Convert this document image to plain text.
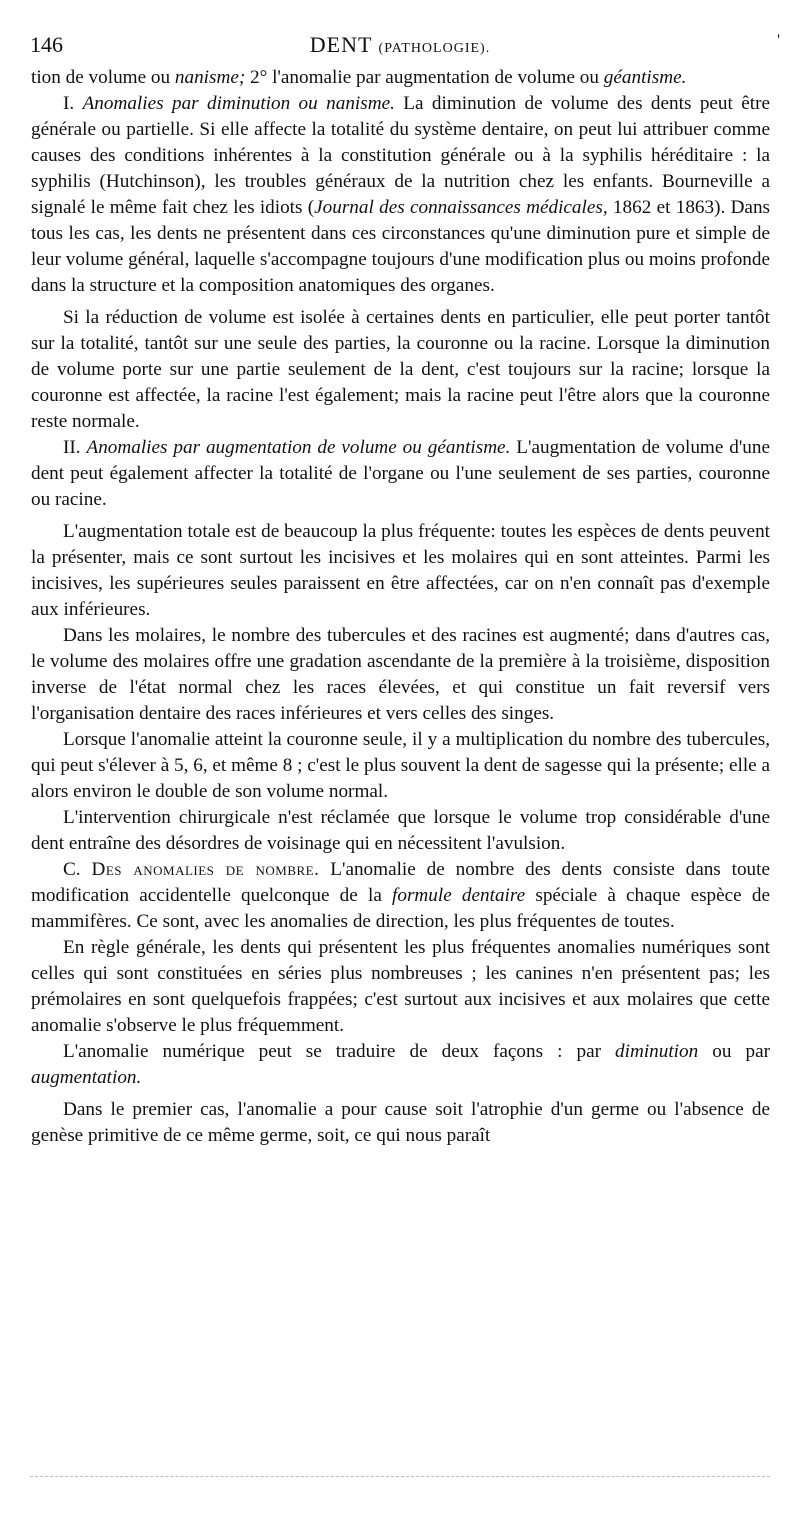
146	DENT (PATHOLOGIE).	'

tion de volume ou nanisme; 2° l'anomalie par augmentation de volume ou géantisme.

I. Anomalies par diminution ou nanisme. La diminution de volume des dents peut être générale ou partielle. Si elle affecte la totalité du système dentaire, on peut lui attribuer comme causes des conditions inhérentes à la constitution générale ou à la syphilis héréditaire : la syphilis (Hutchinson), les troubles généraux de la nutrition chez les enfants. Bourneville a signalé le même fait chez les idiots (Journal des connaissances médicales, 1862 et 1863). Dans tous les cas, les dents ne présentent dans ces circonstances qu'une diminution pure et simple de leur volume général, laquelle s'accompagne toujours d'une modification plus ou moins profonde dans la structure et la composition anatomiques des organes.

Si la réduction de volume est isolée à certaines dents en particulier, elle peut porter tantôt sur la totalité, tantôt sur une seule des parties, la couronne ou la racine. Lorsque la diminution de volume porte sur une partie seulement de la dent, c'est toujours sur la racine; lorsque la couronne est affectée, la racine l'est également; mais la racine peut l'être alors que la couronne reste normale.

II. Anomalies par augmentation de volume ou géantisme. L'augmentation de volume d'une dent peut également affecter la totalité de l'organe ou l'une seulement de ses parties, couronne ou racine.

L'augmentation totale est de beaucoup la plus fréquente: toutes les espèces de dents peuvent la présenter, mais ce sont surtout les incisives et les molaires qui en sont atteintes. Parmi les incisives, les supérieures seules paraissent en être affectées, car on n'en connaît pas d'exemple aux inférieures.

Dans les molaires, le nombre des tubercules et des racines est augmenté; dans d'autres cas, le volume des molaires offre une gradation ascendante de la première à la troisième, disposition inverse de l'état normal chez les races élevées, et qui constitue un fait reversif vers l'organisation dentaire des races inférieures et vers celles des singes.

Lorsque l'anomalie atteint la couronne seule, il y a multiplication du nombre des tubercules, qui peut s'élever à 5, 6, et même 8 ; c'est le plus souvent la dent de sagesse qui la présente; elle a alors environ le double de son volume normal.

L'intervention chirurgicale n'est réclamée que lorsque le volume trop considérable d'une dent entraîne des désordres de voisinage qui en nécessitent l'avulsion.

C. Des anomalies de nombre. L'anomalie de nombre des dents consiste dans toute modification accidentelle quelconque de la formule dentaire spéciale à chaque espèce de mammifères. Ce sont, avec les anomalies de direction, les plus fréquentes de toutes.

En règle générale, les dents qui présentent les plus fréquentes anomalies numériques sont celles qui sont constituées en séries plus nombreuses ; les canines n'en présentent pas; les prémolaires en sont quelquefois frappées; c'est surtout aux incisives et aux molaires que cette anomalie s'observe le plus fréquemment.

L'anomalie numérique peut se traduire de deux façons : par diminution ou par augmentation.

Dans le premier cas, l'anomalie a pour cause soit l'atrophie d'un germe ou l'absence de genèse primitive de ce même germe, soit, ce qui nous paraît
